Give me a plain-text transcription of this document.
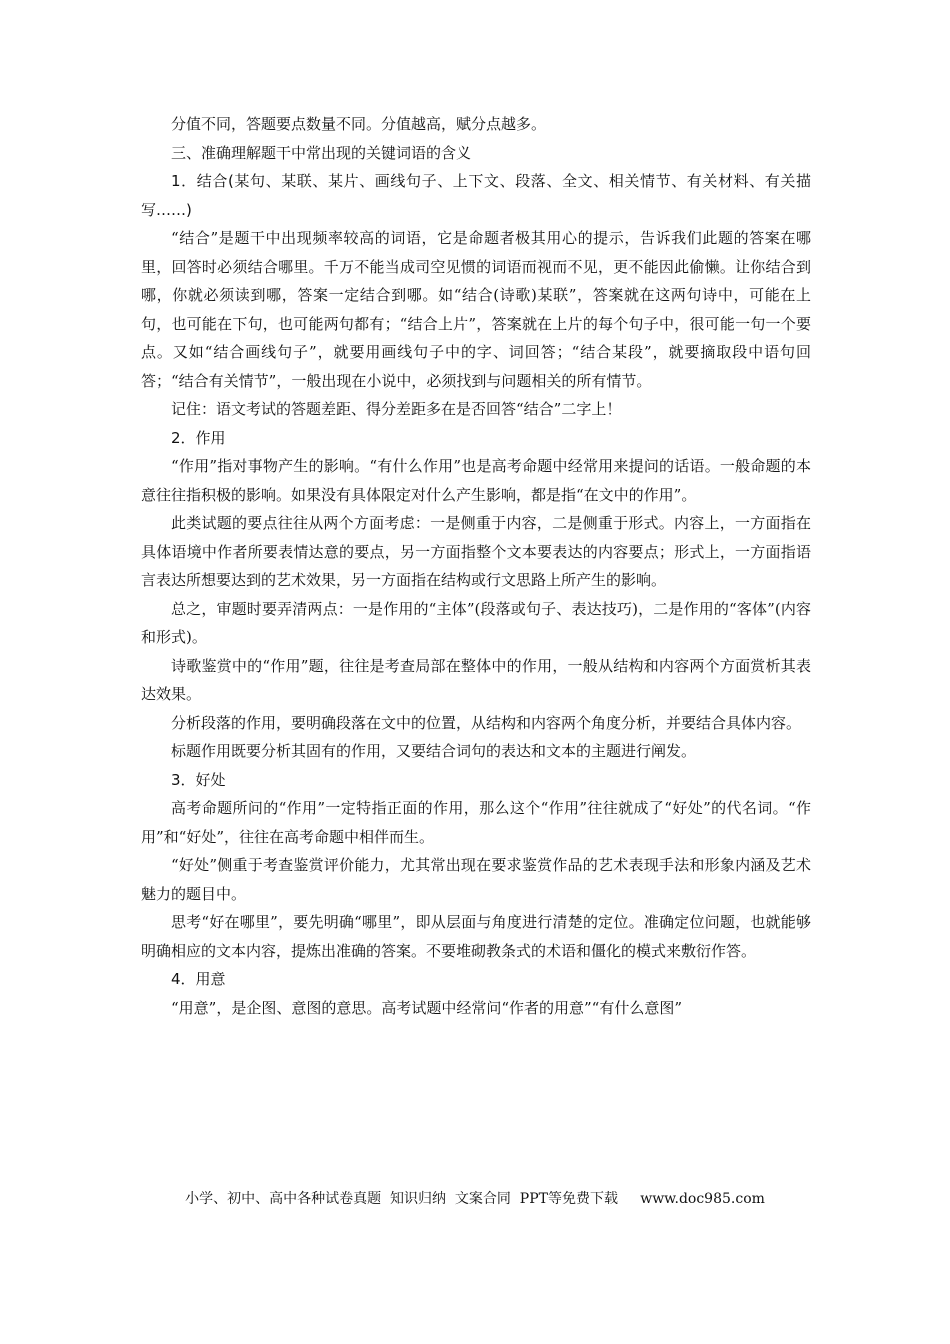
分值不同，答题要点数量不同。分值越高，赋分点越多。

三、准确理解题干中常出现的关键词语的含义

1．结合(某句、某联、某片、画线句子、上下文、段落、全文、相关情节、有关材料、有关描写……)

“结合”是题干中出现频率较高的词语，它是命题者极其用心的提示，告诉我们此题的答案在哪里，回答时必须结合哪里。千万不能当成司空见惯的词语而视而不见，更不能因此偷懒。让你结合到哪，你就必须读到哪，答案一定结合到哪。如“结合(诗歌)某联”，答案就在这两句诗中，可能在上句，也可能在下句，也可能两句都有；“结合上片”，答案就在上片的每个句子中，很可能一句一个要点。又如“结合画线句子”，就要用画线句子中的字、词回答；“结合某段”，就要摘取段中语句回答；“结合有关情节”，一般出现在小说中，必须找到与问题相关的所有情节。

记住：语文考试的答题差距、得分差距多在是否回答“结合”二字上！

2．作用

“作用”指对事物产生的影响。“有什么作用”也是高考命题中经常用来提问的话语。一般命题的本意往往指积极的影响。如果没有具体限定对什么产生影响，都是指“在文中的作用”。

此类试题的要点往往从两个方面考虑：一是侧重于内容，二是侧重于形式。内容上，一方面指在具体语境中作者所要表情达意的要点，另一方面指整个文本要表达的内容要点；形式上，一方面指语言表达所想要达到的艺术效果，另一方面指在结构或行文思路上所产生的影响。

总之，审题时要弄清两点：一是作用的“主体”(段落或句子、表达技巧)，二是作用的“客体”(内容和形式)。

诗歌鉴赏中的“作用”题，往往是考查局部在整体中的作用，一般从结构和内容两个方面赏析其表达效果。

分析段落的作用，要明确段落在文中的位置，从结构和内容两个角度分析，并要结合具体内容。

标题作用既要分析其固有的作用，又要结合词句的表达和文本的主题进行阐发。

3．好处

高考命题所问的“作用”一定特指正面的作用，那么这个“作用”往往就成了“好处”的代名词。“作用”和“好处”，往往在高考命题中相伴而生。

“好处”侧重于考查鉴赏评价能力，尤其常出现在要求鉴赏作品的艺术表现手法和形象内涵及艺术魅力的题目中。

思考“好在哪里”，要先明确“哪里”，即从层面与角度进行清楚的定位。准确定位问题，也就能够明确相应的文本内容，提炼出准确的答案。不要堆砌教条式的术语和僵化的模式来敷衍作答。

4．用意

“用意”，是企图、意图的意思。高考试题中经常问“作者的用意”“有什么意图”

小学、初中、高中各种试卷真题  知识归纳  文案合同  PPT等免费下载     www.doc985.com
